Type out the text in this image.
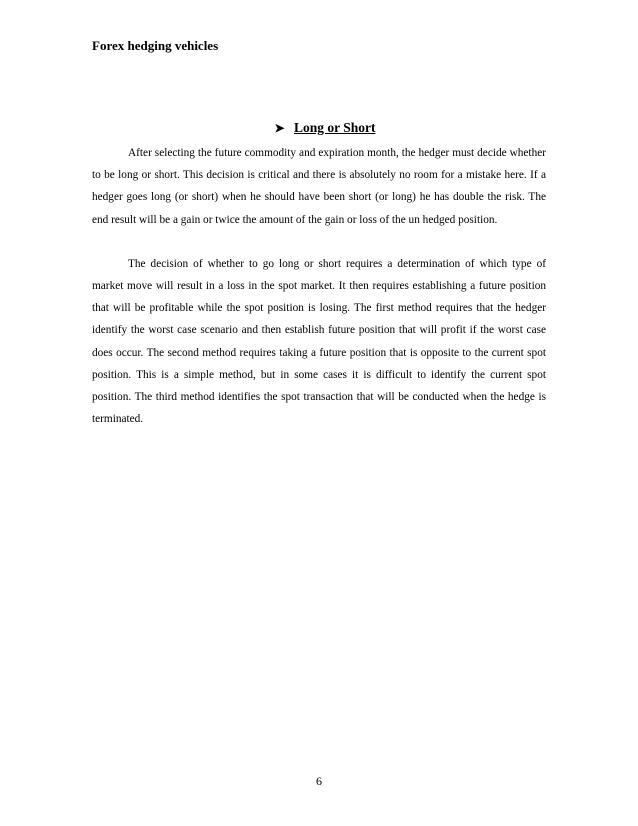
Forex hedging vehicles
➤ Long or Short

After selecting the future commodity and expiration month, the hedger must decide whether to be long or short. This decision is critical and there is absolutely no room for a mistake here. If a hedger goes long (or short) when he should have been short (or long) he has double the risk. The end result will be a gain or twice the amount of the gain or loss of the un hedged position.

The decision of whether to go long or short requires a determination of which type of market move will result in a loss in the spot market. It then requires establishing a future position that will be profitable while the spot position is losing. The first method requires that the hedger identify the worst case scenario and then establish future position that will profit if the worst case does occur. The second method requires taking a future position that is opposite to the current spot position. This is a simple method, but in some cases it is difficult to identify the current spot position. The third method identifies the spot transaction that will be conducted when the hedge is terminated.

6
